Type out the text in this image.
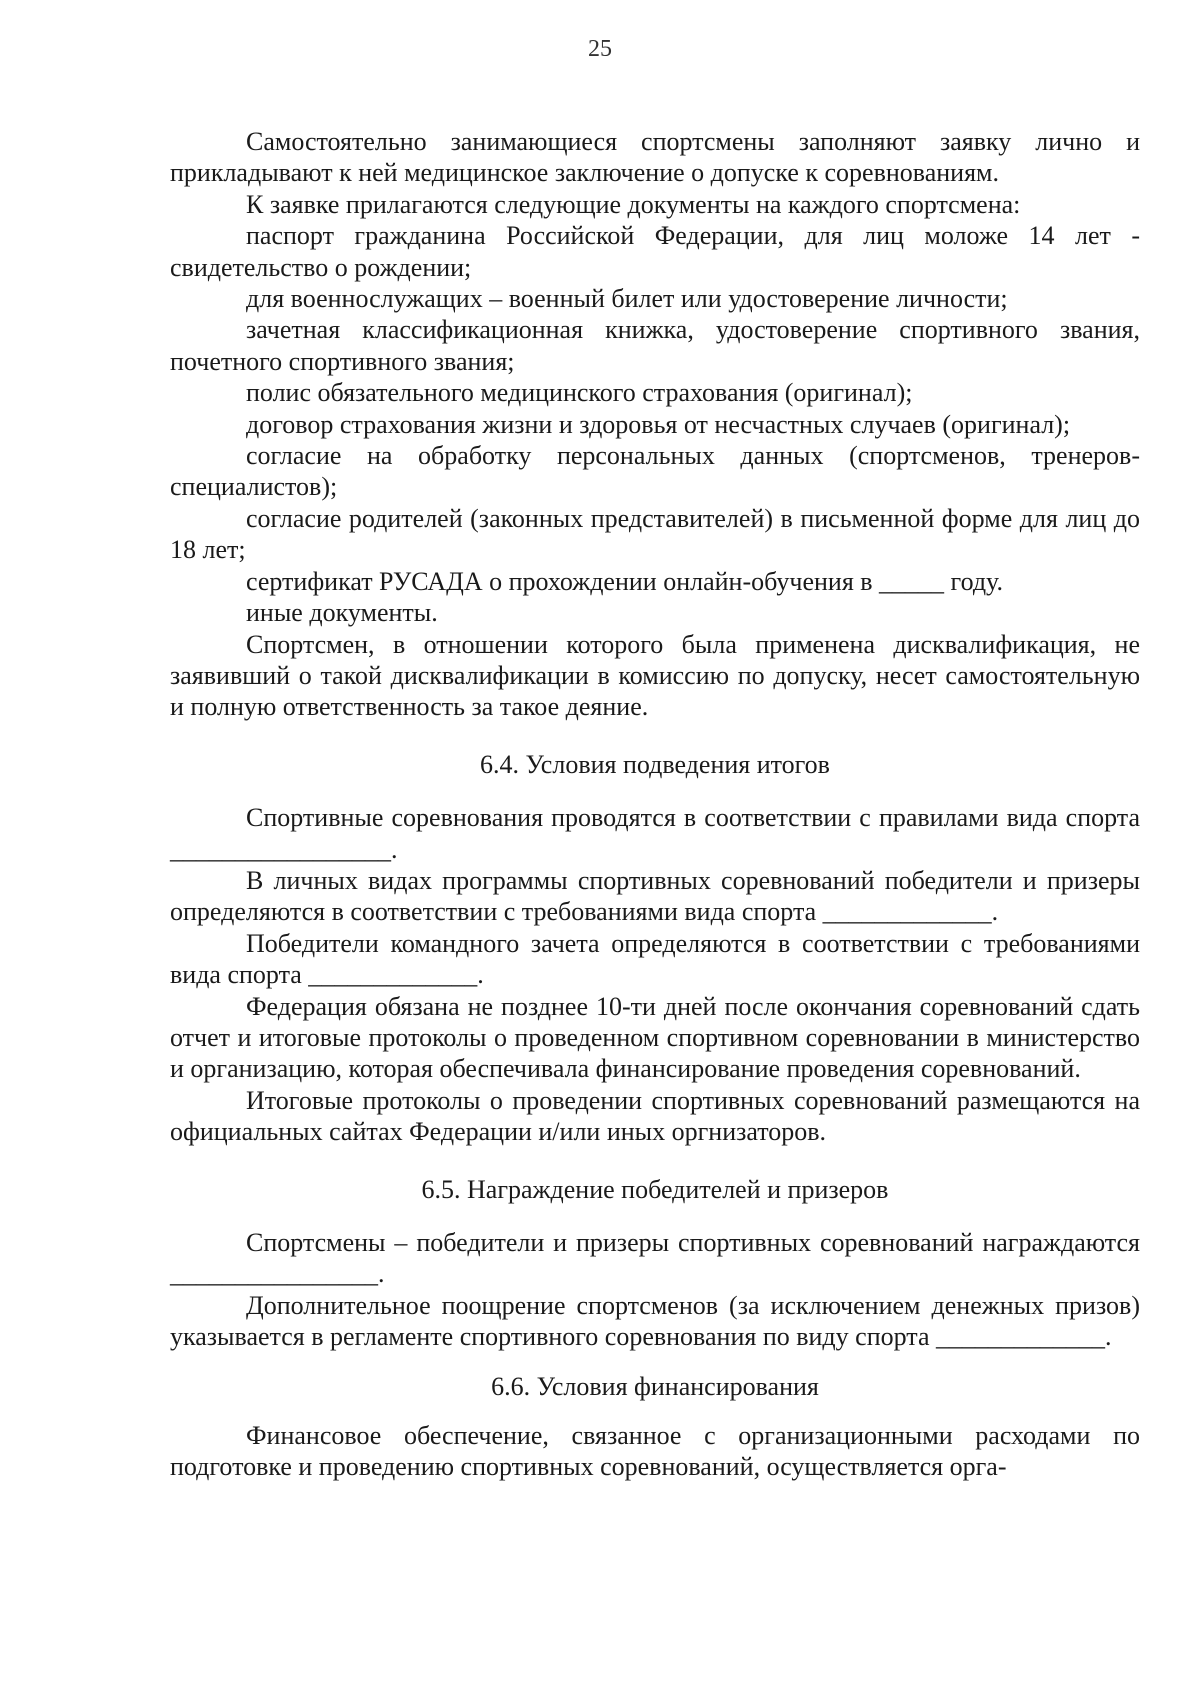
25

Самостоятельно занимающиеся спортсмены заполняют заявку лично и прикладывают к ней медицинское заключение о допуске к соревнованиям.

К заявке прилагаются следующие документы на каждого спортсмена:

паспорт гражданина Российской Федерации, для лиц моложе 14 лет - свидетельство о рождении;

для военнослужащих – военный билет или удостоверение личности;

зачетная классификационная книжка, удостоверение спортивного звания, почетного спортивного звания;

полис обязательного медицинского страхования (оригинал);

договор страхования жизни и здоровья от несчастных случаев (оригинал);

согласие на обработку персональных данных (спортсменов, тренеров-специалистов);

согласие родителей (законных представителей) в письменной форме для лиц до 18 лет;

сертификат РУСАДА о прохождении онлайн-обучения в _____ году.

иные документы.

Спортсмен, в отношении которого была применена дисквалификация, не заявивший о такой дисквалификации в комиссию по допуску, несет самостоятельную и полную ответственность за такое деяние.

6.4. Условия подведения итогов

Спортивные соревнования проводятся в соответствии с правилами вида спорта _________________.

В личных видах программы спортивных соревнований победители и призеры определяются в соответствии с требованиями вида спорта _____________.

Победители командного зачета определяются в соответствии с требованиями вида спорта _____________.

Федерация обязана не позднее 10-ти дней после окончания соревнований сдать отчет и итоговые протоколы о проведенном спортивном соревновании в министерство и организацию, которая обеспечивала финансирование проведения соревнований.

Итоговые протоколы о проведении спортивных соревнований размещаются на официальных сайтах Федерации и/или иных оргнизаторов.

6.5. Награждение победителей и призеров

Спортсмены – победители и призеры спортивных соревнований награждаются ________________.

Дополнительное поощрение спортсменов (за исключением денежных призов) указывается в регламенте спортивного соревнования по виду спорта _____________.

6.6. Условия финансирования

Финансовое обеспечение, связанное с организационными расходами по подготовке и проведению спортивных соревнований, осуществляется орга-
